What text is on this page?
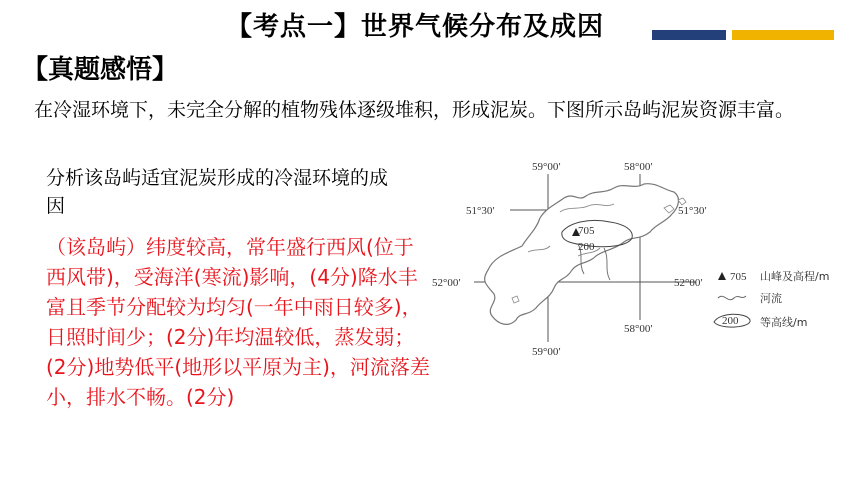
【考点一】世界气候分布及成因
【真题感悟】
在冷湿环境下，未完全分解的植物残体逐级堆积，形成泥炭。下图所示岛屿泥炭资源丰富。
分析该岛屿适宜泥炭形成的冷湿环境的成因
（该岛屿）纬度较高，常年盛行西风(位于西风带)，受海洋(寒流)影响，(4分)降水丰富且季节分配较为均匀(一年中雨日较多)，日照时间少；(2分)年均温较低，蒸发弱；(2分)地势低平(地形以平原为主)，河流落差小，排水不畅。(2分)
705
200
59°00′	58°00′
59°00′
58°00′
51°30′	51°30′
52°00′	52°00′ 705 山峰及高程/m
河流
200 等高线/m
